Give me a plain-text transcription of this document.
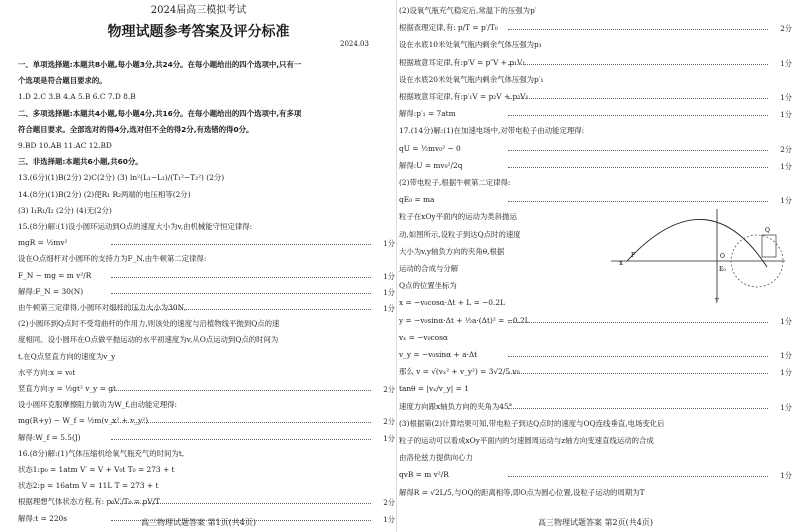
2024届高三模拟考试
物理试题参考答案及评分标准
2024.03
一、单项选择题:本题共8小题,每小题3分,共24分。在每小题给出的四个选项中,只有一
个选项是符合题目要求的。
1.D 2.C 3.B 4.A 5.B 6.C 7.D 8.B
二、多项选择题:本题共4小题,每小题4分,共16分。在每小题给出的四个选项中,有多项
符合题目要求。全部选对的得4分,选对但不全的得2分,有选错的得0分。
9.BD 10.AB 11.AC 12.BD
三、非选择题:本题共6小题,共60分。
13.(6分)(1)B(2分) 2)C(2分) (3) ln²(L₁−L₁)/(T₁²−T₂²) (2分)
14.(8分)(1)B(2分) (2)使R₁ R₂两端的电压相等(2分)
(3) I₁R₁/I₂ (2分) (4)无(2分)
15.(8分)解:(1)设小圆环运动到O点的速度大小为v,由机械能守恒定律得:
mgR = ½mv²	1分
设在O点细杆对小圆环的支持力为F_N,由牛顿第二定律得:
F_N − mg = m v²/R	1分
解得:F_N = 30(N)	1分
由牛顿第三定律得,小圆环对细杆的压力大小为30N。	1分
(2)小圆环到Q点时不受弯曲杆的作用力,则该处的速度与沿植物线平抛到Q点的速
度相同。设小圆环在O点做平抛运动的水平初速度为v,从O点运动到Q点的时间为
t,在Q点竖直方向的速度为v_y
水平方向:x = v₀t
竖直方向:y = ½gt² v_y = gt	2分
设小圆环克服摩擦阻力做功为W_f,由动能定理得:
mg(R+y) − W_f = ½m(v_x² + v_y²)	2分
解得:W_f = 5.5(J)	1分
16.(8分)解:(1)气体压缩机给氧气瓶充气的时间为t,
状态1:p₀ = 1atm V′ = V + V₀t T₀ = 273 + t
状态2:p = 16atm V = 11L T = 273 + t
根据理想气体状态方程,有: p₀V′/T₀ = pV/T	2分
解得:t = 220s	1分
高三物理试题答案 第1页(共4页)
(2)设氧气瓶充气稳定后,常温下的压强为p′
根据查理定律,有: p/T = p′/T₀	2分
设在水底10米处氧气瓶内剩余气体压强为p₁
根据玻意耳定律,有:p′V = p″V + p₁V₁	1分
设在水底20米处氧气瓶内剩余气体压强为p′₁
根据玻意耳定律,有:p′₁V = p₂V + p₂V₁	1分
解得:p′₁ = 7atm	1分
17.(14分)解:(1)在加速电场中,对带电粒子由动能定理得:
qU = ½mv₀² − 0	2分
解得:U = mv₀²/2q	1分
(2)带电粒子,根据牛顿第二定律得:
qE₀ = ma	1分
粒子在xOy平面内的运动为类斜抛运
动,如图所示,设粒子到达Q点时的速度
大小为v,y轴负方向的夹角θ,根据
运动的合成与分解
Q点的位置坐标为
x = −v₀cosα·Δt + L = −0.2L
y = −v₀sinα·Δt + ½a·(Δt)² = −0.2L	1分
vₓ = −v₀cosα
v_y = −v₀sinα + a·Δt	1分
那么 v = √(vₓ² + v_y²) = 3√2/5 v₀	1分
tanθ = |vₓ/v_y| = 1
速度方向跟x轴负方向的夹角为45°	1分
(3)根据第(2)计算结果可知,带电粒子到达Q点时的速度与OQ连线垂直,电场变化后
粒子的运动可以看成xOy平面内的匀速圆周运动与z轴方向变速直线运动的合成
由洛伦兹力提供向心力
qvB = m v²/R	1分
解得R = √2L/5,与OQ的距离相等,即O点为圆心位置,设粒子运动的周期为T
x
y
P
E₀
Q
O
高三物理试题答案 第2页(共4页)
